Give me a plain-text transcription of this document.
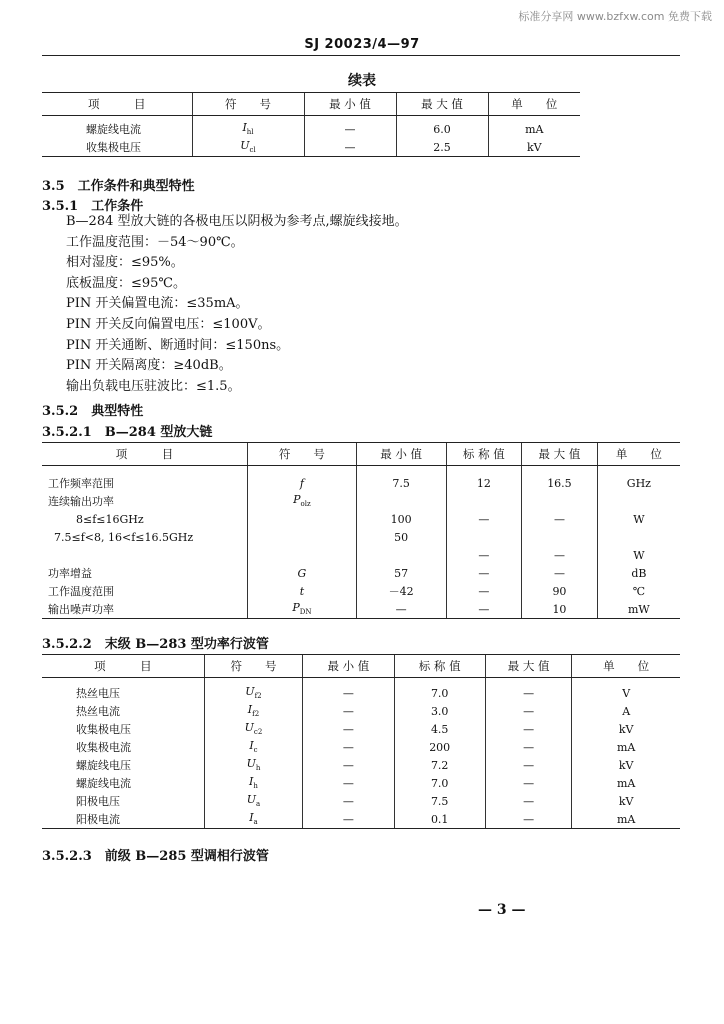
标准分享网 www.bzfxw.com 免费下载
SJ 20023/4—97
续表
项　　　目	符　　号	最 小 值	最 大 值	单　　位
螺旋线电流	$I_{hl}$	—	6.0	mA
收集极电压	$U_{cl}$	—	2.5	kV
3.5　工作条件和典型特性
3.5.1　工作条件
B—284 型放大链的各极电压以阴极为参考点,螺旋线接地。
工作温度范围：－54～90℃。
相对湿度：≤95%。
底板温度：≤95℃。
PIN 开关偏置电流：≤35mA。
PIN 开关反向偏置电压：≤100V。
PIN 开关通断、断通时间：≤150ns。
PIN 开关隔离度：≥40dB。
输出负载电压驻波比：≤1.5。
3.5.2　典型特性
3.5.2.1　B—284 型放大链
项　　　目	符　　号	最 小 值	标 称 值	最 大 值	单　　位
工作频率范围	f	7.5	12	16.5	GHz
连续输出功率	$P_{olz}$				
8≤f≤16GHz		100	—	—	W
7.5≤f<8, 16<f≤16.5GHz		50			
			—	—	W
功率增益	G	57	—	—	dB
工作温度范围	t	－42	—	90	℃
输出噪声功率	$P_{DN}$	—	—	10	mW
3.5.2.2　末级 B—283 型功率行波管
项　　　目	符　　号	最 小 值	标 称 值	最 大 值	单　　位
热丝电压	$U_{f2}$	—	7.0	—	V
热丝电流	$I_{f2}$	—	3.0	—	A
收集极电压	$U_{c2}$	—	4.5	—	kV
收集极电流	$I_c$	—	200	—	mA
螺旋线电压	$U_h$	—	7.2	—	kV
螺旋线电流	$I_h$	—	7.0	—	mA
阳极电压	$U_a$	—	7.5	—	kV
阳极电流	$I_a$	—	0.1	—	mA
3.5.2.3　前级 B—285 型调相行波管
— 3 —
